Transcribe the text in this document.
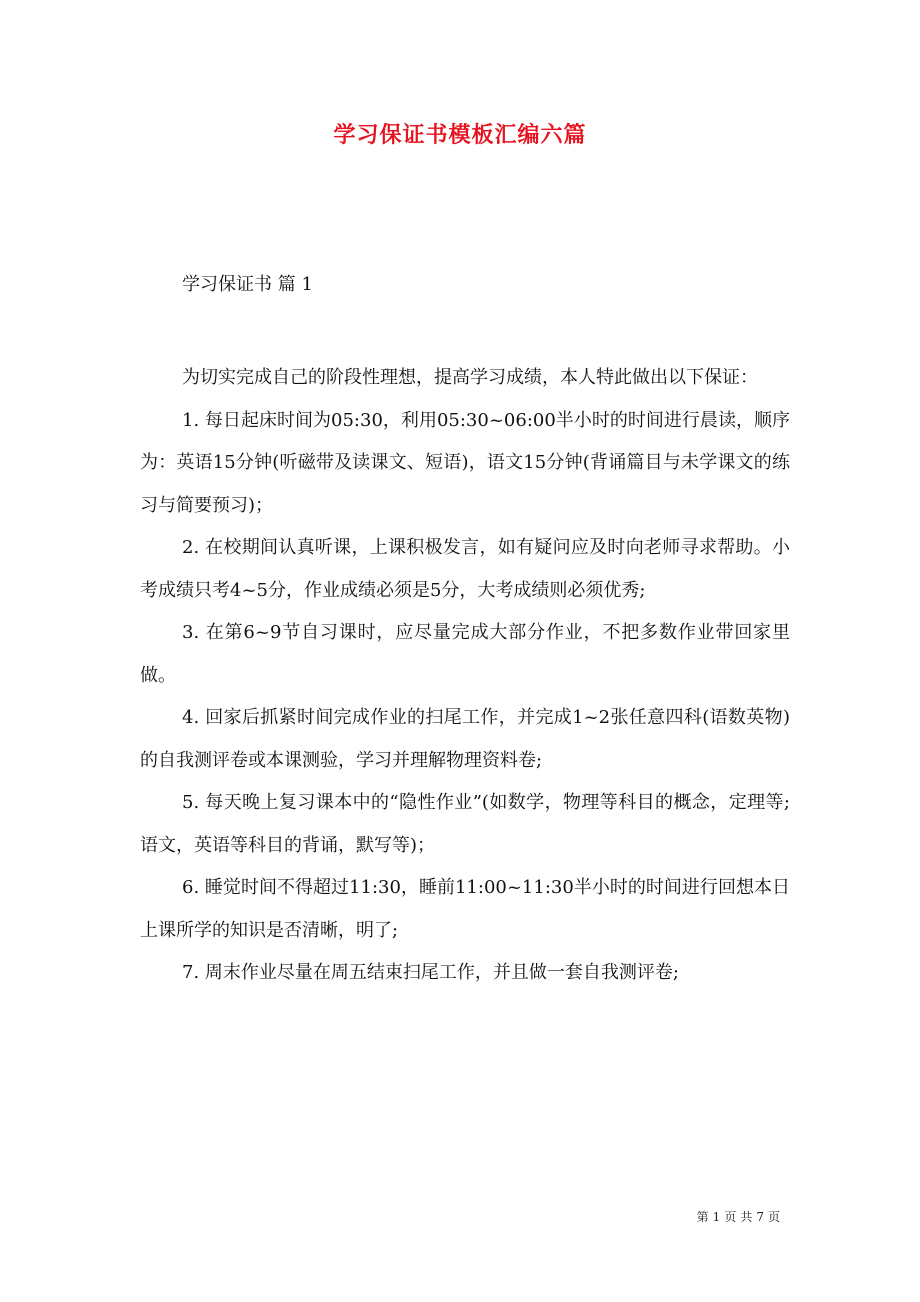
学习保证书模板汇编六篇
学习保证书 篇 1

为切实完成自己的阶段性理想，提高学习成绩，本人特此做出以下保证：

1. 每日起床时间为05:30，利用05:30~06:00半小时的时间进行晨读，顺序为：英语15分钟(听磁带及读课文、短语)，语文15分钟(背诵篇目与未学课文的练习与简要预习)；

2. 在校期间认真听课，上课积极发言，如有疑问应及时向老师寻求帮助。小考成绩只考4~5分，作业成绩必须是5分，大考成绩则必须优秀;

3. 在第6~9节自习课时，应尽量完成大部分作业，不把多数作业带回家里做。

4. 回家后抓紧时间完成作业的扫尾工作，并完成1~2张任意四科(语数英物)的自我测评卷或本课测验，学习并理解物理资料卷;

5. 每天晚上复习课本中的“隐性作业”(如数学，物理等科目的概念，定理等;语文，英语等科目的背诵，默写等)；

6. 睡觉时间不得超过11:30，睡前11:00~11:30半小时的时间进行回想本日上课所学的知识是否清晰，明了;

7. 周末作业尽量在周五结束扫尾工作，并且做一套自我测评卷;

第 1 页 共 7 页
